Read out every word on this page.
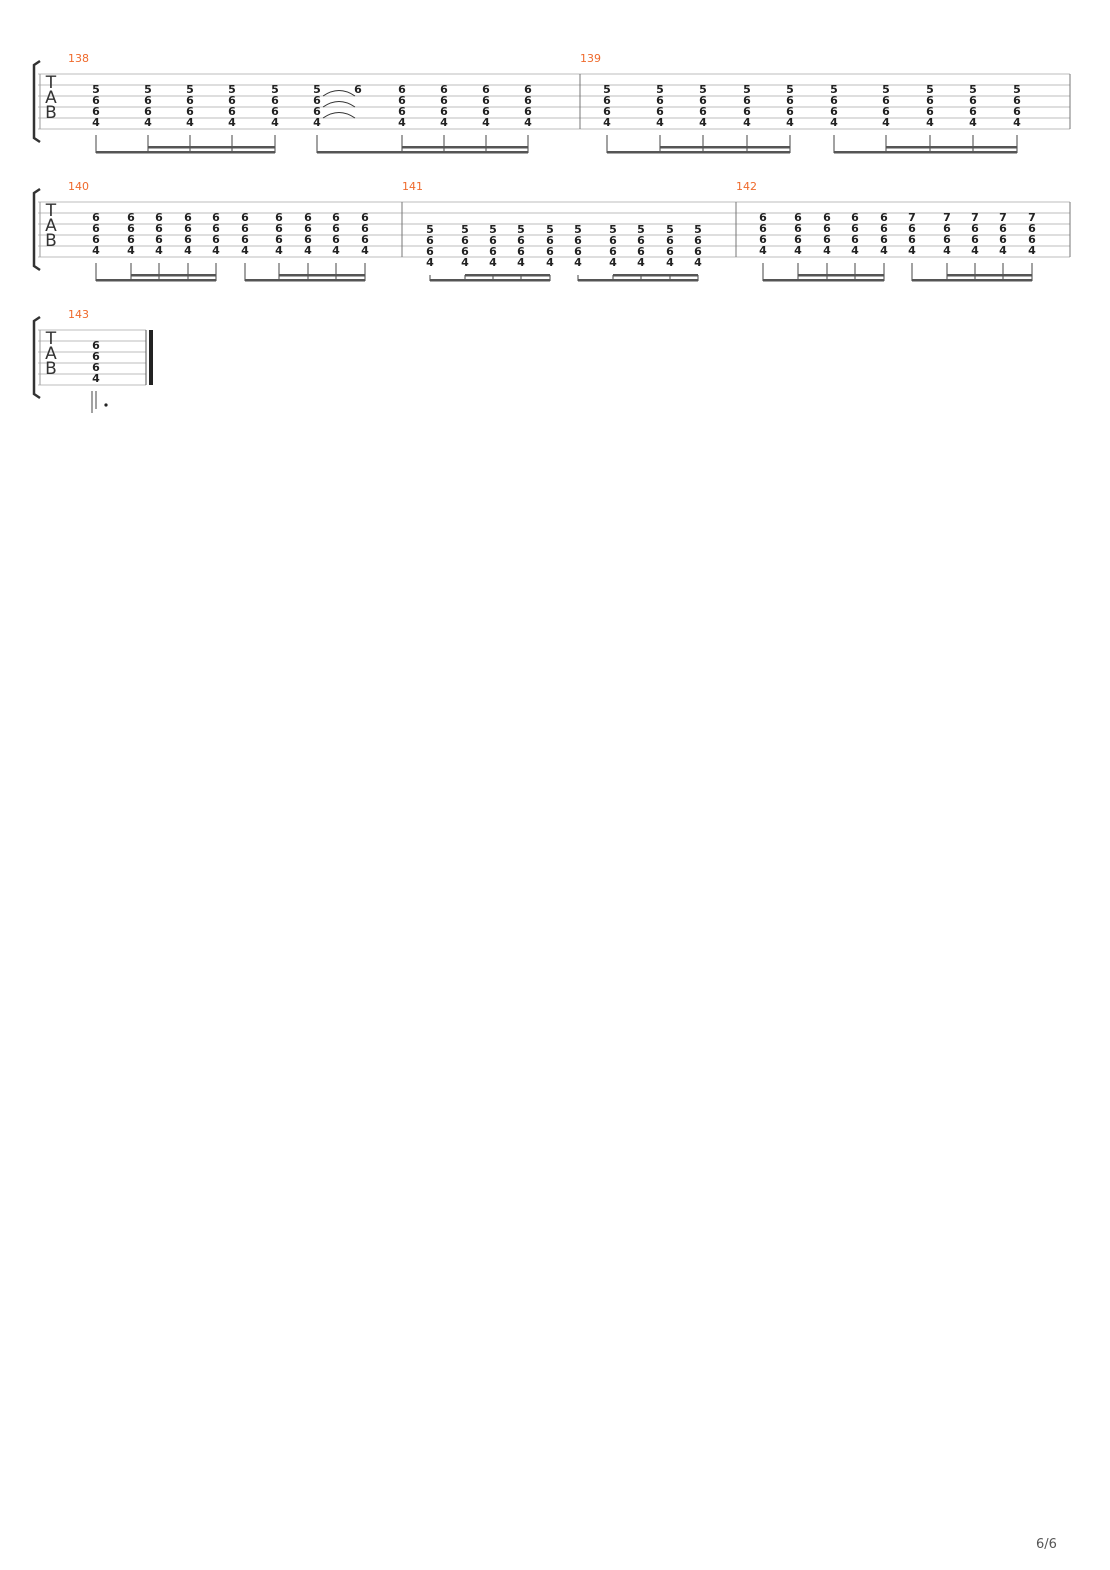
T
A
B
138
5
6
6
4
5
6
6
4
5
6
6
4
5
6
6
4
5
6
6
4
5
6
6
4
6	6
6
6
4
6
6
6
4
6
6
6
4
6
6
6
4
139
5
6
6
4
5
6
6
4
5
6
6
4
5
6
6
4
5
6
6
4
5
6
6
4
5
6
6
4
5
6
6
4
5
6
6
4
5
6
6
4
T
A
B
140
6
6
6
4
6
6
6
4
6
6
6
4
6
6
6
4
6
6
6
4
6
6
6
4
6
6
6
4
6
6
6
4
6
6
6
4
6
6
6
4
141
5
6
6
4
5
6
6
4
5
6
6
4
5
6
6
4
5
6
6
4
5
6
6
4
5
6
6
4
5
6
6
4
5
6
6
4
5
6
6
4
142
6
6
6
4
6
6
6
4
6
6
6
4
6
6
6
4
6
6
6
4
7
6
6
4
7
6
6
4
7
6
6
4
7
6
6
4
7
6
6
4
T
A
B
143
6
6
6
4
6/6
